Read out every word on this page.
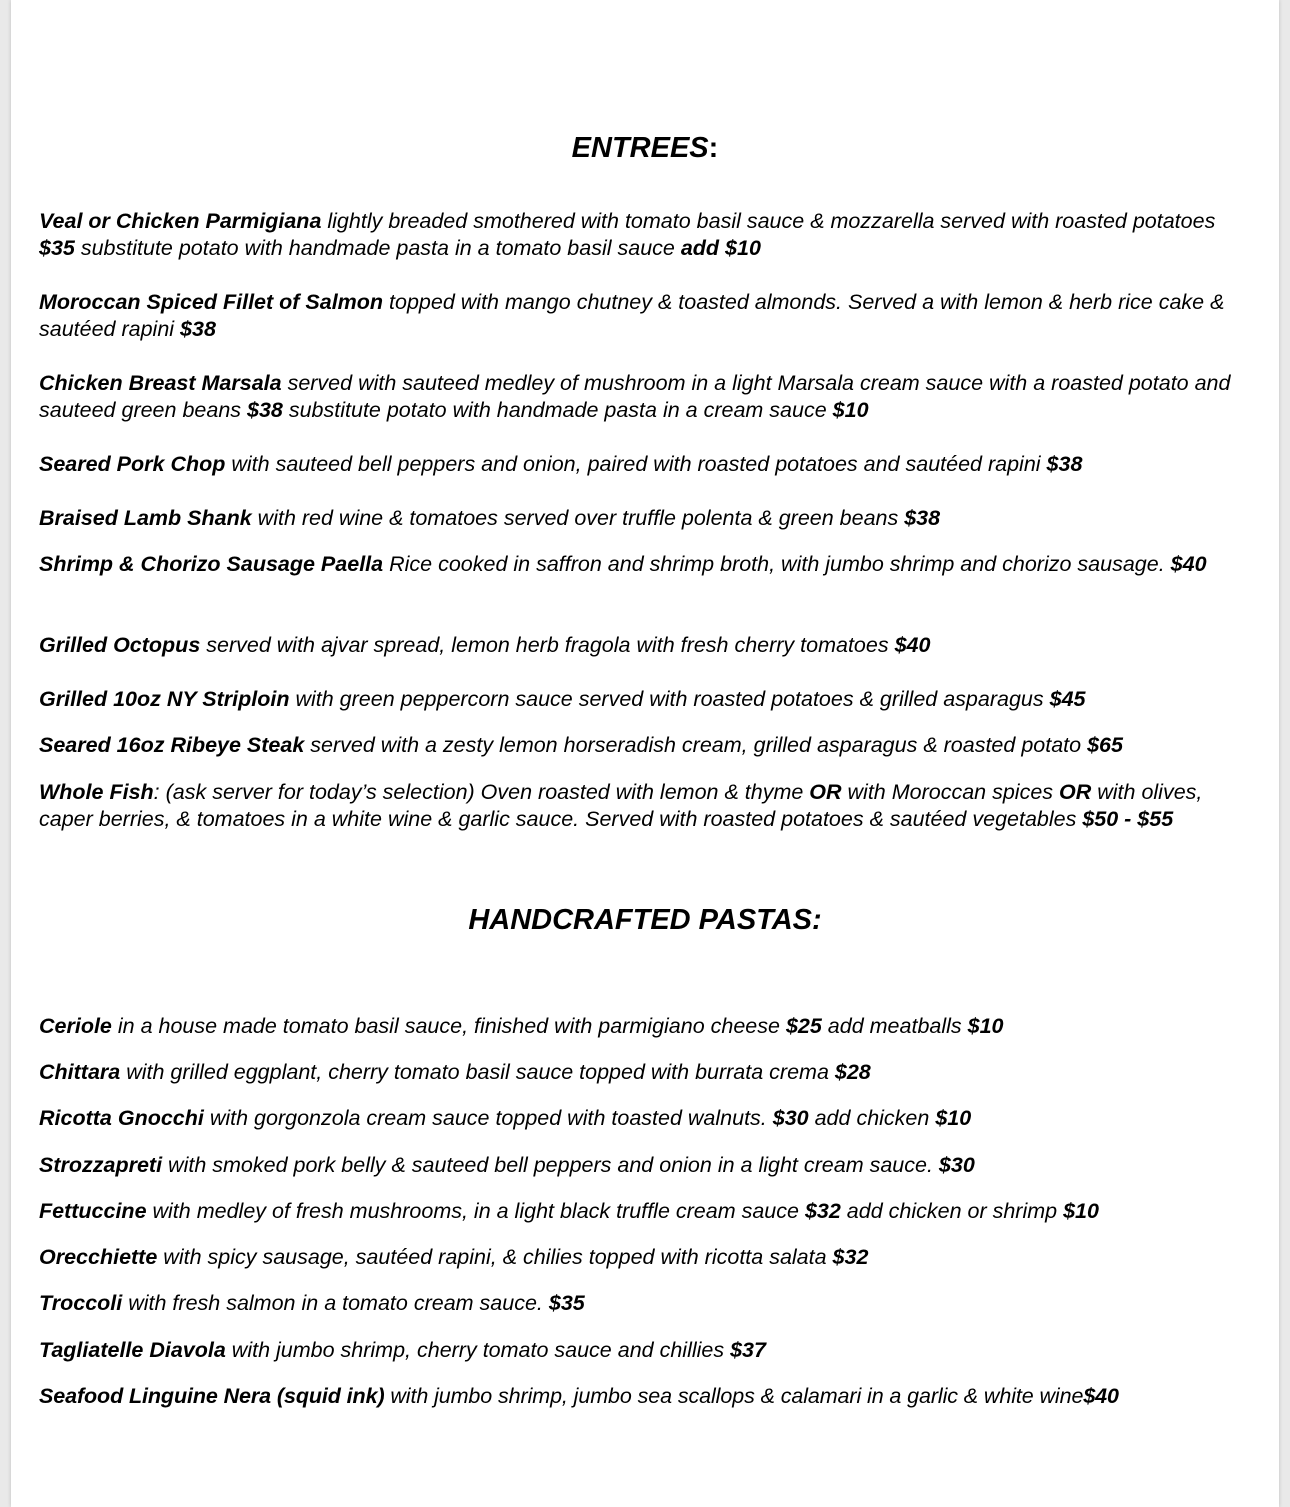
ENTREES:
Veal or Chicken Parmigiana lightly breaded smothered with tomato basil sauce & mozzarella served with roasted potatoes $35 substitute potato with handmade pasta in a tomato basil sauce add $10
Moroccan Spiced Fillet of Salmon topped with mango chutney & toasted almonds. Served a with lemon & herb rice cake & sautéed rapini $38
Chicken Breast Marsala served with sauteed medley of mushroom in a light Marsala cream sauce with a roasted potato and sauteed green beans $38 substitute potato with handmade pasta in a cream sauce $10
Seared Pork Chop with sauteed bell peppers and onion, paired with roasted potatoes and sautéed rapini $38
Braised Lamb Shank with red wine & tomatoes served over truffle polenta & green beans $38
Shrimp & Chorizo Sausage Paella Rice cooked in saffron and shrimp broth, with jumbo shrimp and chorizo sausage. $40
Grilled Octopus served with ajvar spread, lemon herb fragola with fresh cherry tomatoes $40
Grilled 10oz NY Striploin with green peppercorn sauce served with roasted potatoes & grilled asparagus $45
Seared 16oz Ribeye Steak served with a zesty lemon horseradish cream, grilled asparagus & roasted potato $65
Whole Fish: (ask server for today’s selection) Oven roasted with lemon & thyme OR with Moroccan spices OR with olives, caper berries, & tomatoes in a white wine & garlic sauce. Served with roasted potatoes & sautéed vegetables $50 - $55
HANDCRAFTED PASTAS:
Ceriole in a house made tomato basil sauce, finished with parmigiano cheese $25 add meatballs $10
Chittara with grilled eggplant, cherry tomato basil sauce topped with burrata crema $28
Ricotta Gnocchi with gorgonzola cream sauce topped with toasted walnuts. $30 add chicken $10
Strozzapreti with smoked pork belly & sauteed bell peppers and onion in a light cream sauce. $30
Fettuccine with medley of fresh mushrooms, in a light black truffle cream sauce $32 add chicken or shrimp $10
Orecchiette with spicy sausage, sautéed rapini, & chilies topped with ricotta salata $32
Troccoli with fresh salmon in a tomato cream sauce. $35
Tagliatelle Diavola with jumbo shrimp, cherry tomato sauce and chillies $37
Seafood Linguine Nera (squid ink) with jumbo shrimp, jumbo sea scallops & calamari in a garlic & white wine$40
